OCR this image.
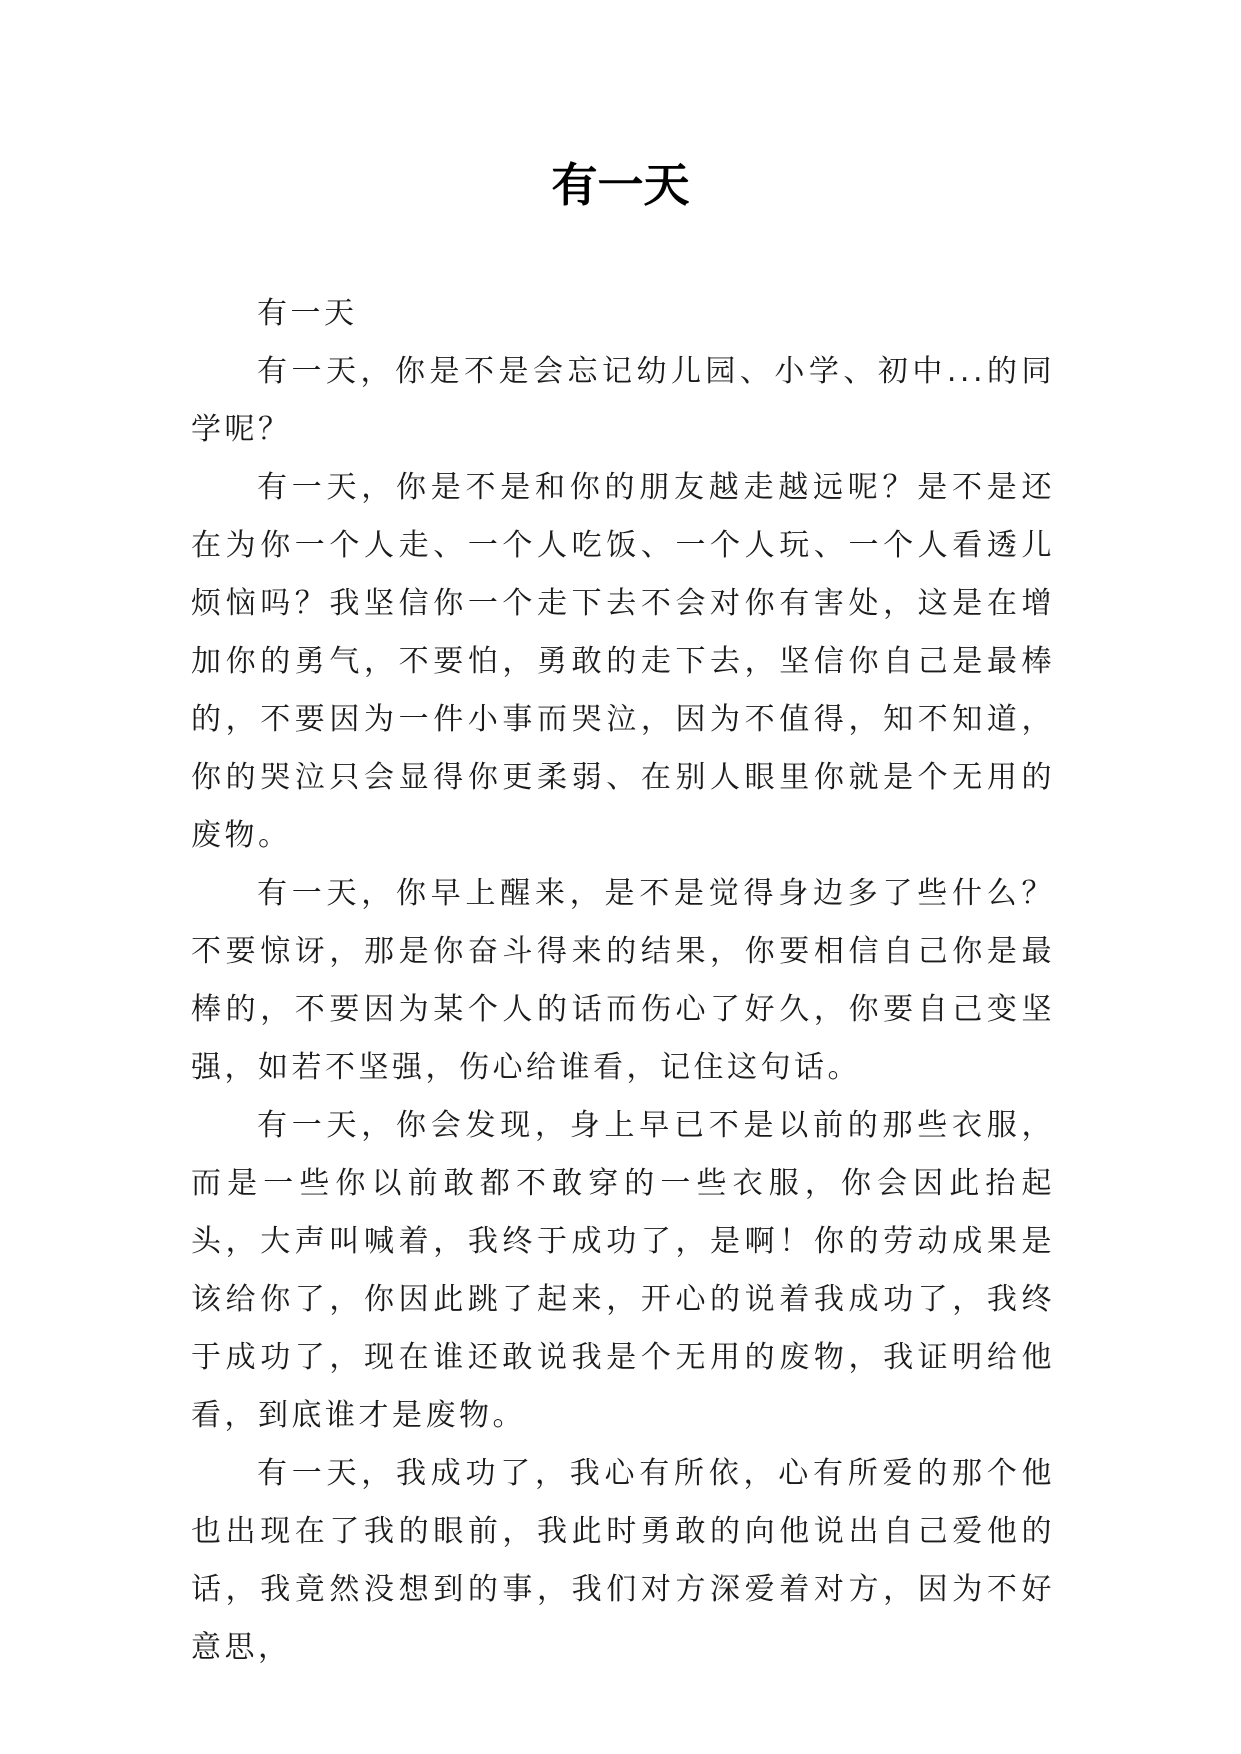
有一天

有一天

有一天，你是不是会忘记幼儿园、小学、初中...的同学呢？

有一天，你是不是和你的朋友越走越远呢？是不是还在为你一个人走、一个人吃饭、一个人玩、一个人看透儿烦恼吗？我坚信你一个走下去不会对你有害处，这是在增加你的勇气，不要怕，勇敢的走下去，坚信你自己是最棒的，不要因为一件小事而哭泣，因为不值得，知不知道，你的哭泣只会显得你更柔弱、在别人眼里你就是个无用的废物。

有一天，你早上醒来，是不是觉得身边多了些什么？不要惊讶，那是你奋斗得来的结果，你要相信自己你是最棒的，不要因为某个人的话而伤心了好久，你要自己变坚强，如若不坚强，伤心给谁看，记住这句话。

有一天，你会发现，身上早已不是以前的那些衣服，而是一些你以前敢都不敢穿的一些衣服，你会因此抬起头，大声叫喊着，我终于成功了，是啊！你的劳动成果是该给你了，你因此跳了起来，开心的说着我成功了，我终于成功了，现在谁还敢说我是个无用的废物，我证明给他看，到底谁才是废物。

有一天，我成功了，我心有所依，心有所爱的那个他也出现在了我的眼前，我此时勇敢的向他说出自己爱他的话，我竟然没想到的事，我们对方深爱着对方，因为不好意思，
